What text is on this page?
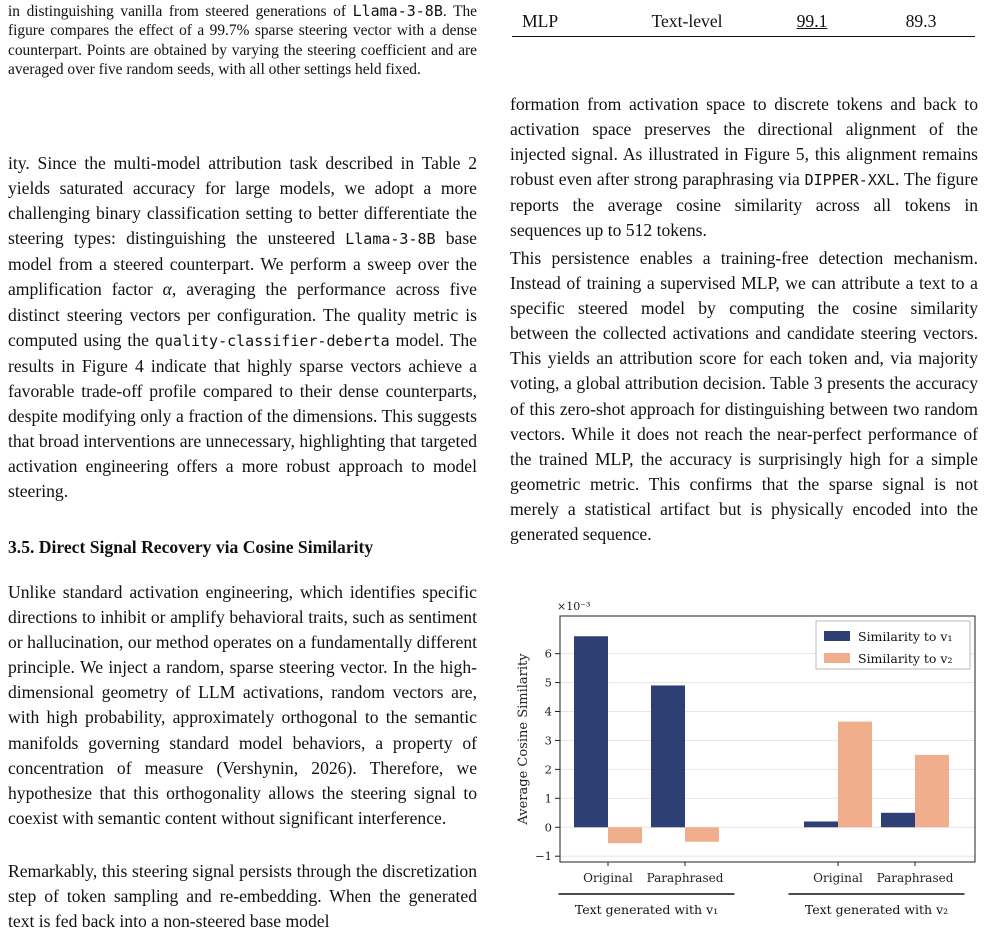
in distinguishing vanilla from steered generations of Llama-3-8B. The figure compares the effect of a 99.7% sparse steering vector with a dense counterpart. Points are obtained by varying the steering coefficient and are averaged over five random seeds, with all other settings held fixed.
MLP	Text-level	99.1	89.3

ity. Since the multi-model attribution task described in Table 2 yields saturated accuracy for large models, we adopt a more challenging binary classification setting to better differentiate the steering types: distinguishing the unsteered Llama-3-8B base model from a steered counterpart. We perform a sweep over the amplification factor α, averaging the performance across five distinct steering vectors per configuration. The quality metric is computed using the quality-classifier-deberta model. The results in Figure 4 indicate that highly sparse vectors achieve a favorable trade-off profile compared to their dense counterparts, despite modifying only a fraction of the dimensions. This suggests that broad interventions are unnecessary, highlighting that targeted activation engineering offers a more robust approach to model steering.

3.5. Direct Signal Recovery via Cosine Similarity

Unlike standard activation engineering, which identifies specific directions to inhibit or amplify behavioral traits, such as sentiment or hallucination, our method operates on a fundamentally different principle. We inject a random, sparse steering vector. In the high-dimensional geometry of LLM activations, random vectors are, with high probability, approximately orthogonal to the semantic manifolds governing standard model behaviors, a property of concentration of measure (Vershynin, 2026). Therefore, we hypothesize that this orthogonality allows the steering signal to coexist with semantic content without significant interference.

Remarkably, this steering signal persists through the discretization step of token sampling and re-embedding. When the generated text is fed back into a non-steered base model

formation from activation space to discrete tokens and back to activation space preserves the directional alignment of the injected signal. As illustrated in Figure 5, this alignment remains robust even after strong paraphrasing via DIPPER-XXL. The figure reports the average cosine similarity across all tokens in sequences up to 512 tokens.

This persistence enables a training-free detection mechanism. Instead of training a supervised MLP, we can attribute a text to a specific steered model by computing the cosine similarity between the collected activations and candidate steering vectors. This yields an attribution score for each token and, via majority voting, a global attribution decision. Table 3 presents the accuracy of this zero-shot approach for distinguishing between two random vectors. While it does not reach the near-perfect performance of the trained MLP, the accuracy is surprisingly high for a simple geometric metric. This confirms that the sparse signal is not merely a statistical artifact but is physically encoded into the generated sequence.

−1
0
1
2
3
4
5
6
×10⁻³
Average Cosine Similarity
Original Paraphrased	Original Paraphrased
Text generated with v₁	Text generated with v₂
Similarity to v₁
Similarity to v₂
